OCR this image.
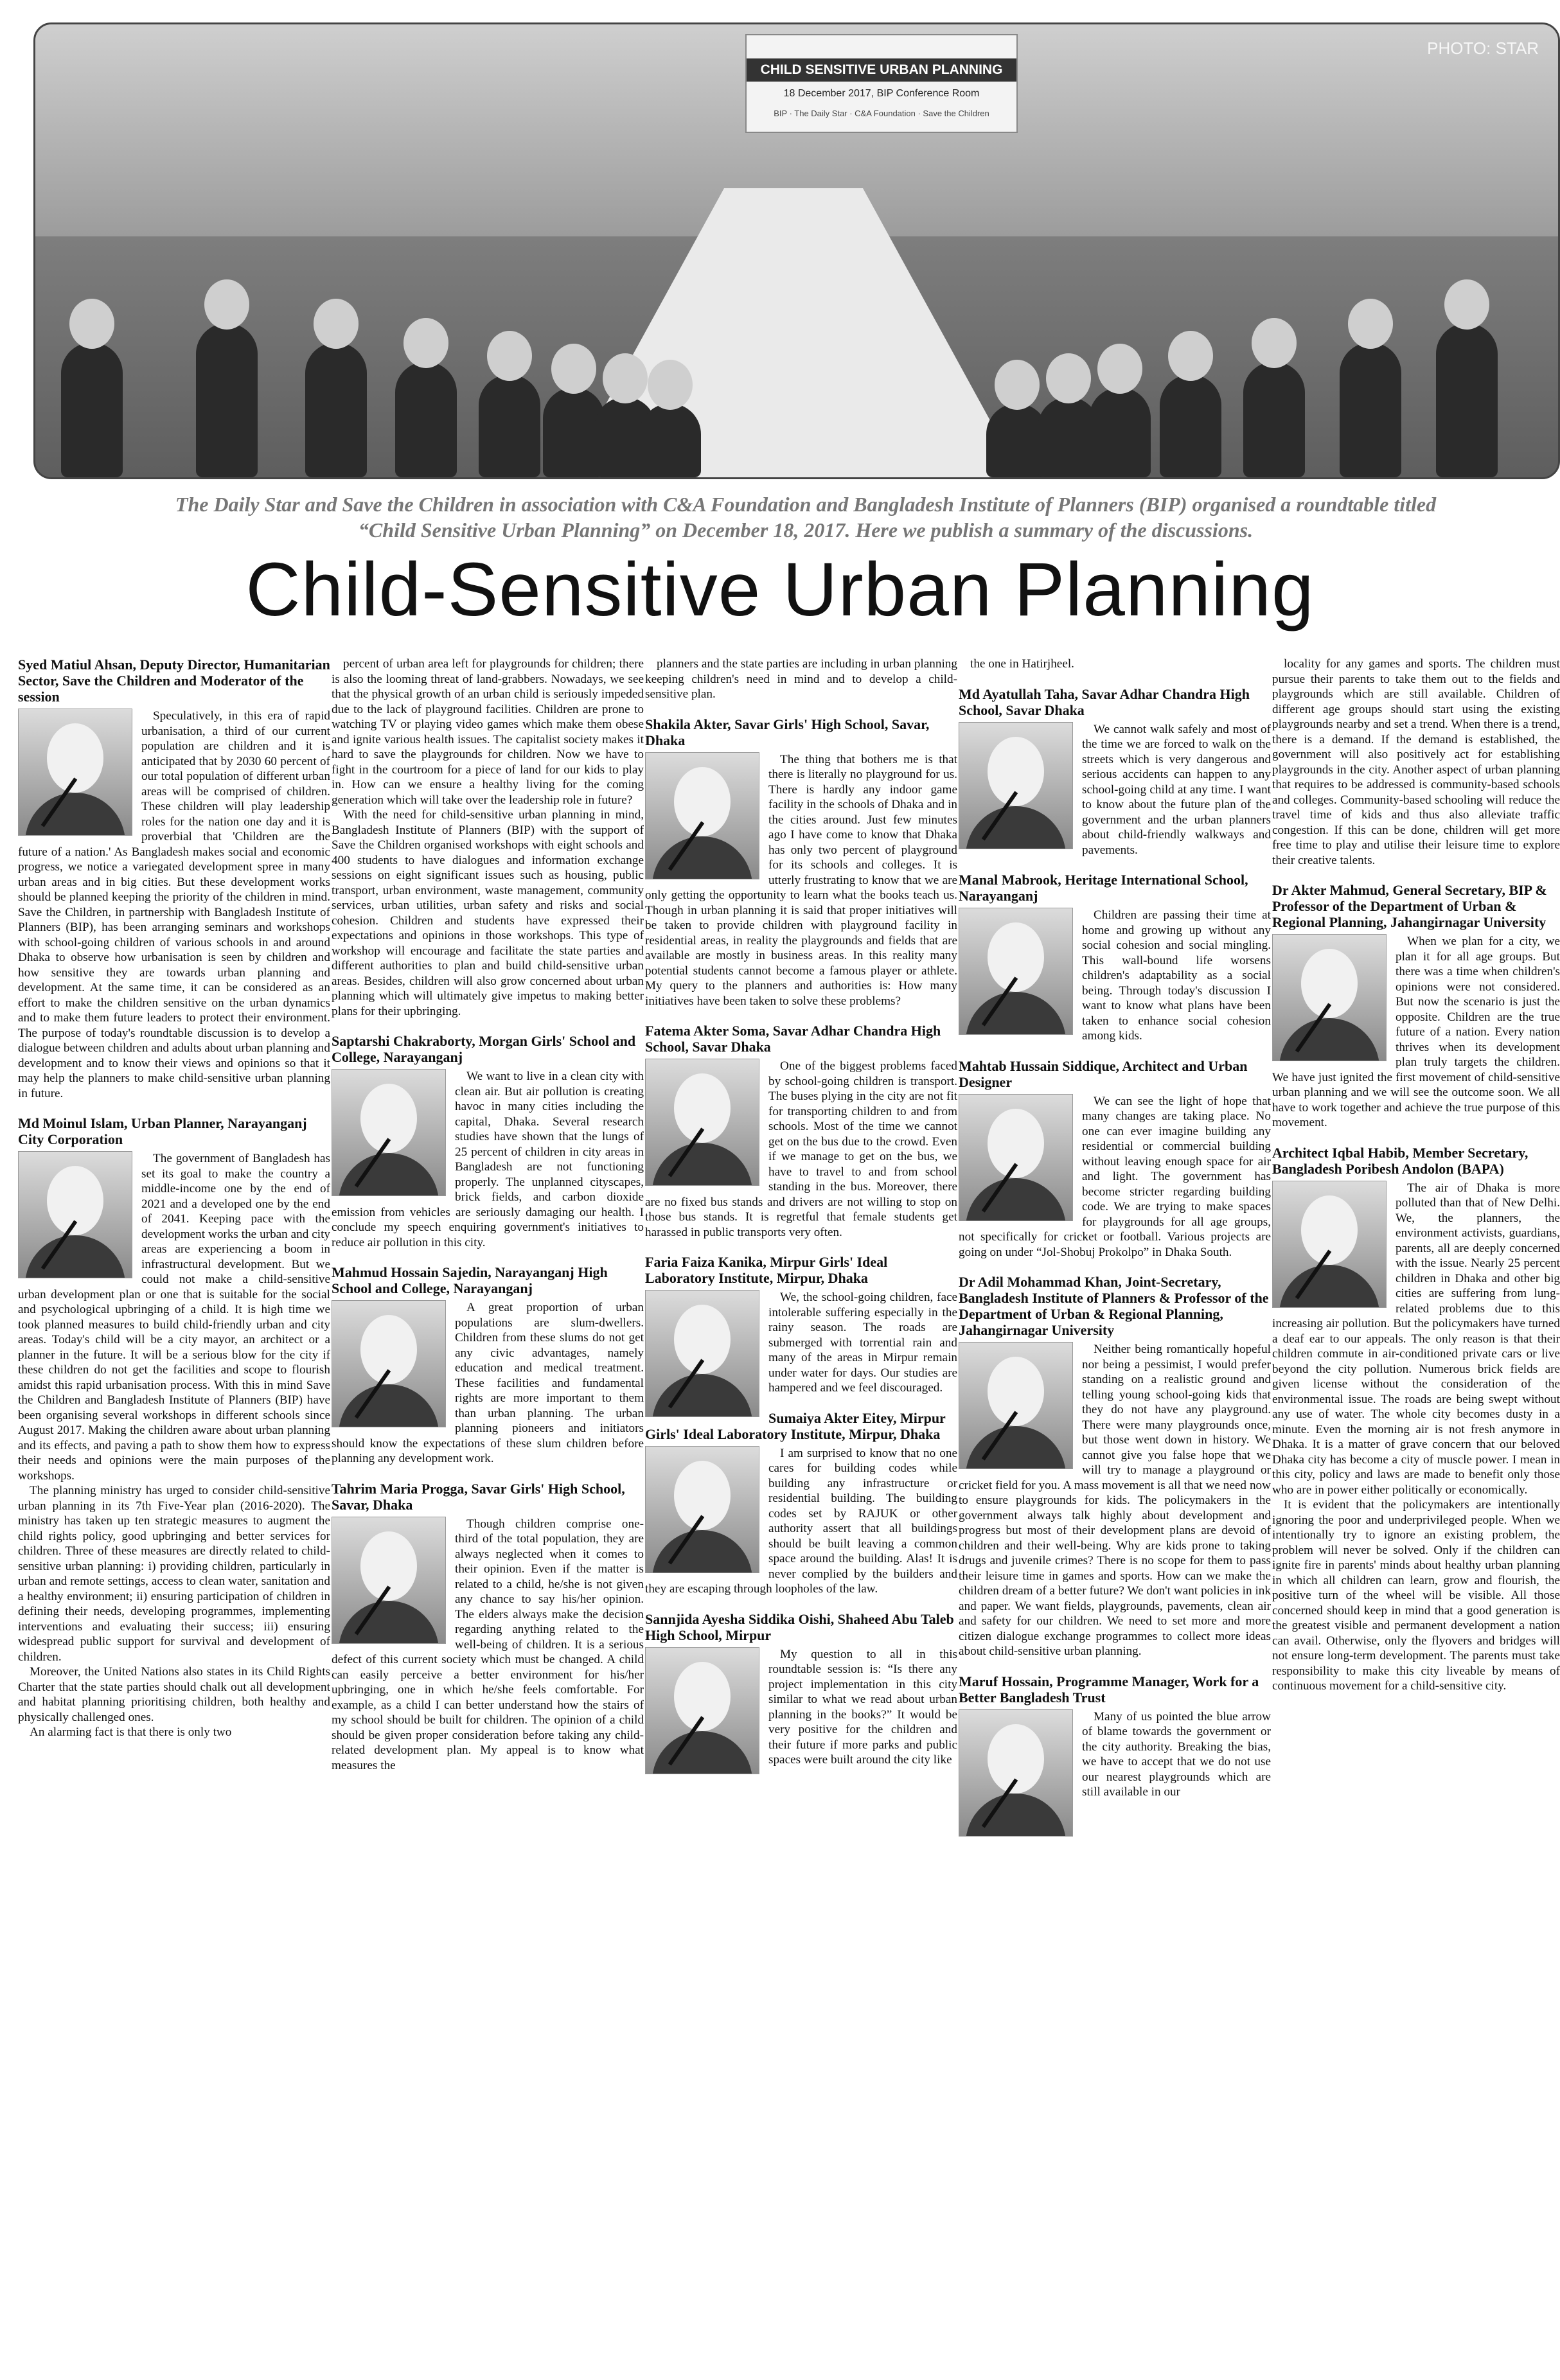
CHILD SENSITIVE URBAN PLANNING
18 December 2017, BIP Conference Room
BIP · The Daily Star · C&A Foundation · Save the Children
PHOTO: STAR
The Daily Star and Save the Children in association with C&A Foundation and Bangladesh Institute of Planners (BIP) organised a roundtable titled
“Child Sensitive Urban Planning” on December 18, 2017. Here we publish a summary of the discussions.
Child-Sensitive Urban Planning
Syed Matiul Ahsan, Deputy Director, Humanitarian Sector, Save the Children and Moderator of the session

Speculatively, in this era of rapid urbanisation, a third of our current population are children and it is anticipated that by 2030 60 percent of our total population of different urban areas will be comprised of children. These children will play leadership roles for the nation one day and it is proverbial that 'Children are the future of a nation.' As Bangladesh makes social and economic progress, we notice a variegated development spree in many urban areas and in big cities. But these development works should be planned keeping the priority of the children in mind. Save the Children, in partnership with Bangladesh Institute of Planners (BIP), has been arranging seminars and workshops with school-going children of various schools in and around Dhaka to observe how urbanisation is seen by children and how sensitive they are towards urban planning and development. At the same time, it can be considered as an effort to make the children sensitive on the urban dynamics and to make them future leaders to protect their environment. The purpose of today's roundtable discussion is to develop a dialogue between children and adults about urban planning and development and to know their views and opinions so that it may help the planners to make child-sensitive urban planning in future.

Md Moinul Islam, Urban Planner, Narayanganj City Corporation

The government of Bangladesh has set its goal to make the country a middle-income one by the end of 2021 and a developed one by the end of 2041. Keeping pace with the development works the urban and city areas are experiencing a boom in infrastructural development. But we could not make a child-sensitive urban development plan or one that is suitable for the social and psychological upbringing of a child. It is high time we took planned measures to build child-friendly urban and city areas. Today's child will be a city mayor, an architect or a planner in the future. It will be a serious blow for the city if these children do not get the facilities and scope to flourish amidst this rapid urbanisation process. With this in mind Save the Children and Bangladesh Institute of Planners (BIP) have been organising several workshops in different schools since August 2017. Making the children aware about urban planning and its effects, and paving a path to show them how to express their needs and opinions were the main purposes of the workshops.

The planning ministry has urged to consider child-sensitive urban planning in its 7th Five-Year plan (2016-2020). The ministry has taken up ten strategic measures to augment the child rights policy, good upbringing and better services for children. Three of these measures are directly related to child-sensitive urban planning: i) providing children, particularly in urban and remote settings, access to clean water, sanitation and a healthy environment; ii) ensuring participation of children in defining their needs, developing programmes, implementing interventions and evaluating their success; iii) ensuring widespread public support for survival and development of children.

Moreover, the United Nations also states in its Child Rights Charter that the state parties should chalk out all development and habitat planning prioritising children, both healthy and physically challenged ones.

An alarming fact is that there is only two

percent of urban area left for playgrounds for children; there is also the looming threat of land-grabbers. Nowadays, we see that the physical growth of an urban child is seriously impeded due to the lack of playground facilities. Children are prone to watching TV or playing video games which make them obese and ignite various health issues. The capitalist society makes it hard to save the playgrounds for children. Now we have to fight in the courtroom for a piece of land for our kids to play in. How can we ensure a healthy living for the coming generation which will take over the leadership role in future?

With the need for child-sensitive urban planning in mind, Bangladesh Institute of Planners (BIP) with the support of Save the Children organised workshops with eight schools and 400 students to have dialogues and information exchange sessions on eight significant issues such as housing, public transport, urban environment, waste management, community services, urban utilities, urban safety and risks and social cohesion. Children and students have expressed their expectations and opinions in those workshops. This type of workshop will encourage and facilitate the state parties and different authorities to plan and build child-sensitive urban areas. Besides, children will also grow concerned about urban planning which will ultimately give impetus to making better plans for their upbringing.

Saptarshi Chakraborty, Morgan Girls' School and College, Narayanganj

We want to live in a clean city with clean air. But air pollution is creating havoc in many cities including the capital, Dhaka. Several research studies have shown that the lungs of 25 percent of children in city areas in Bangladesh are not functioning properly. The unplanned cityscapes, brick fields, and carbon dioxide emission from vehicles are seriously damaging our health. I conclude my speech enquiring government's initiatives to reduce air pollution in this city.

Mahmud Hossain Sajedin, Narayanganj High School and College, Narayanganj

A great proportion of urban populations are slum-dwellers. Children from these slums do not get any civic advantages, namely education and medical treatment. These facilities and fundamental rights are more important to them than urban planning. The urban planning pioneers and initiators should know the expectations of these slum children before planning any development work.

Tahrim Maria Progga, Savar Girls' High School, Savar, Dhaka

Though children comprise one-third of the total population, they are always neglected when it comes to their opinion. Even if the matter is related to a child, he/she is not given any chance to say his/her opinion. The elders always make the decision regarding anything related to the well-being of children. It is a serious defect of this current society which must be changed. A child can easily perceive a better environment for his/her upbringing, one in which he/she feels comfortable. For example, as a child I can better understand how the stairs of my school should be built for children. The opinion of a child should be given proper consideration before taking any child-related development plan. My appeal is to know what measures the

planners and the state parties are including in urban planning keeping children's need in mind and to develop a child-sensitive plan.

Shakila Akter, Savar Girls' High School, Savar, Dhaka

The thing that bothers me is that there is literally no playground for us. There is hardly any indoor game facility in the schools of Dhaka and in the cities around. Just few minutes ago I have come to know that Dhaka has only two percent of playground for its schools and colleges. It is utterly frustrating to know that we are only getting the opportunity to learn what the books teach us. Though in urban planning it is said that proper initiatives will be taken to provide children with playground facility in residential areas, in reality the playgrounds and fields that are available are mostly in business areas. In this reality many potential students cannot become a famous player or athlete. My query to the planners and authorities is: How many initiatives have been taken to solve these problems?

Fatema Akter Soma, Savar Adhar Chandra High School, Savar Dhaka

One of the biggest problems faced by school-going children is transport. The buses plying in the city are not fit for transporting children to and from schools. Most of the time we cannot get on the bus due to the crowd. Even if we manage to get on the bus, we have to travel to and from school standing in the bus. Moreover, there are no fixed bus stands and drivers are not willing to stop on those bus stands. It is regretful that female students get harassed in public transports very often.

Faria Faiza Kanika, Mirpur Girls' Ideal Laboratory Institute, Mirpur, Dhaka

We, the school-going children, face intolerable suffering especially in the rainy season. The roads are submerged with torrential rain and many of the areas in Mirpur remain under water for days. Our studies are hampered and we feel discouraged.

Sumaiya Akter Eitey, Mirpur Girls' Ideal Laboratory Institute, Mirpur, Dhaka

I am surprised to know that no one cares for building codes while building any infrastructure or residential building. The building codes set by RAJUK or other authority assert that all buildings should be built leaving a common space around the building. Alas! It is never complied by the builders and they are escaping through loopholes of the law.

Sannjida Ayesha Siddika Oishi, Shaheed Abu Taleb High School, Mirpur

My question to all in this roundtable session is: “Is there any project implementation in this city similar to what we read about urban planning in the books?” It would be very positive for the children and their future if more parks and public spaces were built around the city like

the one in Hatirjheel.

Md Ayatullah Taha, Savar Adhar Chandra High School, Savar Dhaka

We cannot walk safely and most of the time we are forced to walk on the streets which is very dangerous and serious accidents can happen to any school-going child at any time. I want to know about the future plan of the government and the urban planners about child-friendly walkways and pavements.

Manal Mabrook, Heritage International School, Narayanganj

Children are passing their time at home and growing up without any social cohesion and social mingling. This wall-bound life worsens children's adaptability as a social being. Through today's discussion I want to know what plans have been taken to enhance social cohesion among kids.

Mahtab Hussain Siddique, Architect and Urban Designer

We can see the light of hope that many changes are taking place. No one can ever imagine building any residential or commercial building without leaving enough space for air and light. The government has become stricter regarding building code. We are trying to make spaces for playgrounds for all age groups, not specifically for cricket or football. Various projects are going on under “Jol-Shobuj Prokolpo” in Dhaka South.

Dr Adil Mohammad Khan, Joint-Secretary, Bangladesh Institute of Planners & Professor of the Department of Urban & Regional Planning, Jahangirnagar University

Neither being romantically hopeful nor being a pessimist, I would prefer standing on a realistic ground and telling young school-going kids that they do not have any playground. There were many playgrounds once, but those went down in history. We cannot give you false hope that we will try to manage a playground or cricket field for you. A mass movement is all that we need now to ensure playgrounds for kids. The policymakers in the government always talk highly about development and progress but most of their development plans are devoid of children and their well-being. Why are kids prone to taking drugs and juvenile crimes? There is no scope for them to pass their leisure time in games and sports. How can we make the children dream of a better future? We don't want policies in ink and paper. We want fields, playgrounds, pavements, clean air and safety for our children. We need to set more and more citizen dialogue exchange programmes to collect more ideas about child-sensitive urban planning.

Maruf Hossain, Programme Manager, Work for a Better Bangladesh Trust

Many of us pointed the blue arrow of blame towards the government or the city authority. Breaking the bias, we have to accept that we do not use our nearest playgrounds which are still available in our

locality for any games and sports. The children must pursue their parents to take them out to the fields and playgrounds which are still available. Children of different age groups should start using the existing playgrounds nearby and set a trend. When there is a trend, there is a demand. If the demand is established, the government will also positively act for establishing playgrounds in the city. Another aspect of urban planning that requires to be addressed is community-based schools and colleges. Community-based schooling will reduce the travel time of kids and thus also alleviate traffic congestion. If this can be done, children will get more free time to play and utilise their leisure time to explore their creative talents.

Dr Akter Mahmud, General Secretary, BIP & Professor of the Department of Urban & Regional Planning, Jahangirnagar University

When we plan for a city, we plan it for all age groups. But there was a time when children's opinions were not considered. But now the scenario is just the opposite. Children are the true future of a nation. Every nation thrives when its development plan truly targets the children. We have just ignited the first movement of child-sensitive urban planning and we will see the outcome soon. We all have to work together and achieve the true purpose of this movement.

Architect Iqbal Habib, Member Secretary, Bangladesh Poribesh Andolon (BAPA)

The air of Dhaka is more polluted than that of New Delhi. We, the planners, the environment activists, guardians, parents, all are deeply concerned with the issue. Nearly 25 percent children in Dhaka and other big cities are suffering from lung-related problems due to this increasing air pollution. But the policymakers have turned a deaf ear to our appeals. The only reason is that their children commute in air-conditioned private cars or live beyond the city pollution. Numerous brick fields are given license without the consideration of the environmental issue. The roads are being swept without any use of water. The whole city becomes dusty in a minute. Even the morning air is not fresh anymore in Dhaka. It is a matter of grave concern that our beloved Dhaka city has become a city of muscle power. I mean in this city, policy and laws are made to benefit only those who are in power either politically or economically.

It is evident that the policymakers are intentionally ignoring the poor and underprivileged people. When we intentionally try to ignore an existing problem, the problem will never be solved. Only if the children can ignite fire in parents' minds about healthy urban planning in which all children can learn, grow and flourish, the positive turn of the wheel will be visible. All those concerned should keep in mind that a good generation is the greatest visible and permanent development a nation can avail. Otherwise, only the flyovers and bridges will not ensure long-term development. The parents must take responsibility to make this city liveable by means of continuous movement for a child-sensitive city.
